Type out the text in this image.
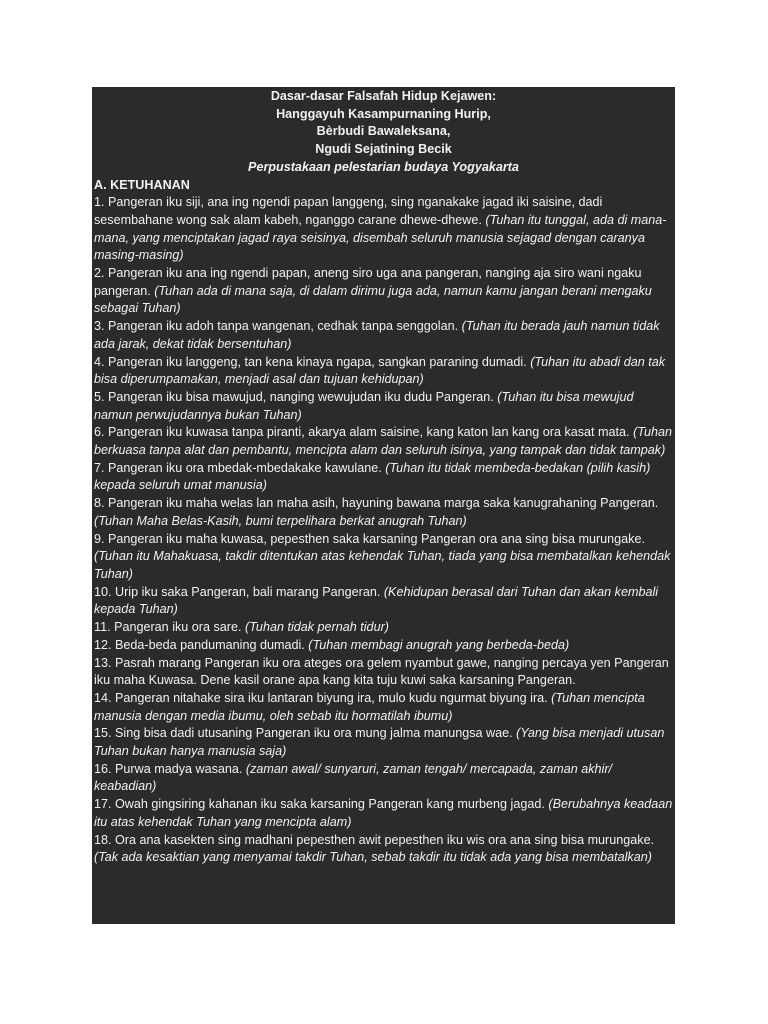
Dasar-dasar Falsafah Hidup Kejawen:
Hanggayuh Kasampurnaning Hurip,
Bèrbudi Bawaleksana,
Ngudi Sejatining Becik
Perpustakaan pelestarian budaya Yogyakarta
A. KETUHANAN
1. Pangeran iku siji, ana ing ngendi papan langgeng, sing nganakake jagad iki saisine, dadi sesembahane wong sak alam kabeh, nganggo carane dhewe-dhewe. (Tuhan itu tunggal, ada di mana-mana, yang menciptakan jagad raya seisinya, disembah seluruh manusia sejagad dengan caranya masing-masing)
2. Pangeran iku ana ing ngendi papan, aneng siro uga ana pangeran, nanging aja siro wani ngaku pangeran. (Tuhan ada di mana saja, di dalam dirimu juga ada, namun kamu jangan berani mengaku sebagai Tuhan)
3. Pangeran iku adoh tanpa wangenan, cedhak tanpa senggolan. (Tuhan itu berada jauh namun tidak ada jarak, dekat tidak bersentuhan)
4. Pangeran iku langgeng, tan kena kinaya ngapa, sangkan paraning dumadi. (Tuhan itu abadi dan tak bisa diperumpamakan, menjadi asal dan tujuan kehidupan)
5. Pangeran iku bisa mawujud, nanging wewujudan iku dudu Pangeran. (Tuhan itu bisa mewujud namun perwujudannya bukan Tuhan)
6. Pangeran iku kuwasa tanpa piranti, akarya alam saisine, kang katon lan kang ora kasat mata. (Tuhan berkuasa tanpa alat dan pembantu, mencipta alam dan seluruh isinya, yang tampak dan tidak tampak)
7. Pangeran iku ora mbedak-mbedakake kawulane. (Tuhan itu tidak membeda-bedakan (pilih kasih) kepada seluruh umat manusia)
8. Pangeran iku maha welas lan maha asih, hayuning bawana marga saka kanugrahaning Pangeran. (Tuhan Maha Belas-Kasih, bumi terpelihara berkat anugrah Tuhan)
9. Pangeran iku maha kuwasa, pepesthen saka karsaning Pangeran ora ana sing bisa murungake. (Tuhan itu Mahakuasa, takdir ditentukan atas kehendak Tuhan, tiada yang bisa membatalkan kehendak Tuhan)
10. Urip iku saka Pangeran, bali marang Pangeran. (Kehidupan berasal dari Tuhan dan akan kembali kepada Tuhan)
11. Pangeran iku ora sare. (Tuhan tidak pernah tidur)
12. Beda-beda pandumaning dumadi. (Tuhan membagi anugrah yang berbeda-beda)
13. Pasrah marang Pangeran iku ora ateges ora gelem nyambut gawe, nanging percaya yen Pangeran iku maha Kuwasa. Dene kasil orane apa kang kita tuju kuwi saka karsaning Pangeran.
14. Pangeran nitahake sira iku lantaran biyung ira, mulo kudu ngurmat biyung ira. (Tuhan mencipta manusia dengan media ibumu, oleh sebab itu hormatilah ibumu)
15. Sing bisa dadi utusaning Pangeran iku ora mung jalma manungsa wae. (Yang bisa menjadi utusan Tuhan bukan hanya manusia saja)
16. Purwa madya wasana. (zaman awal/ sunyaruri, zaman tengah/ mercapada, zaman akhir/ keabadian)
17. Owah gingsiring kahanan iku saka karsaning Pangeran kang murbeng jagad. (Berubahnya keadaan itu atas kehendak Tuhan yang mencipta alam)
18. Ora ana kasekten sing madhani pepesthen awit pepesthen iku wis ora ana sing bisa murungake. (Tak ada kesaktian yang menyamai takdir Tuhan, sebab takdir itu tidak ada yang bisa membatalkan)
